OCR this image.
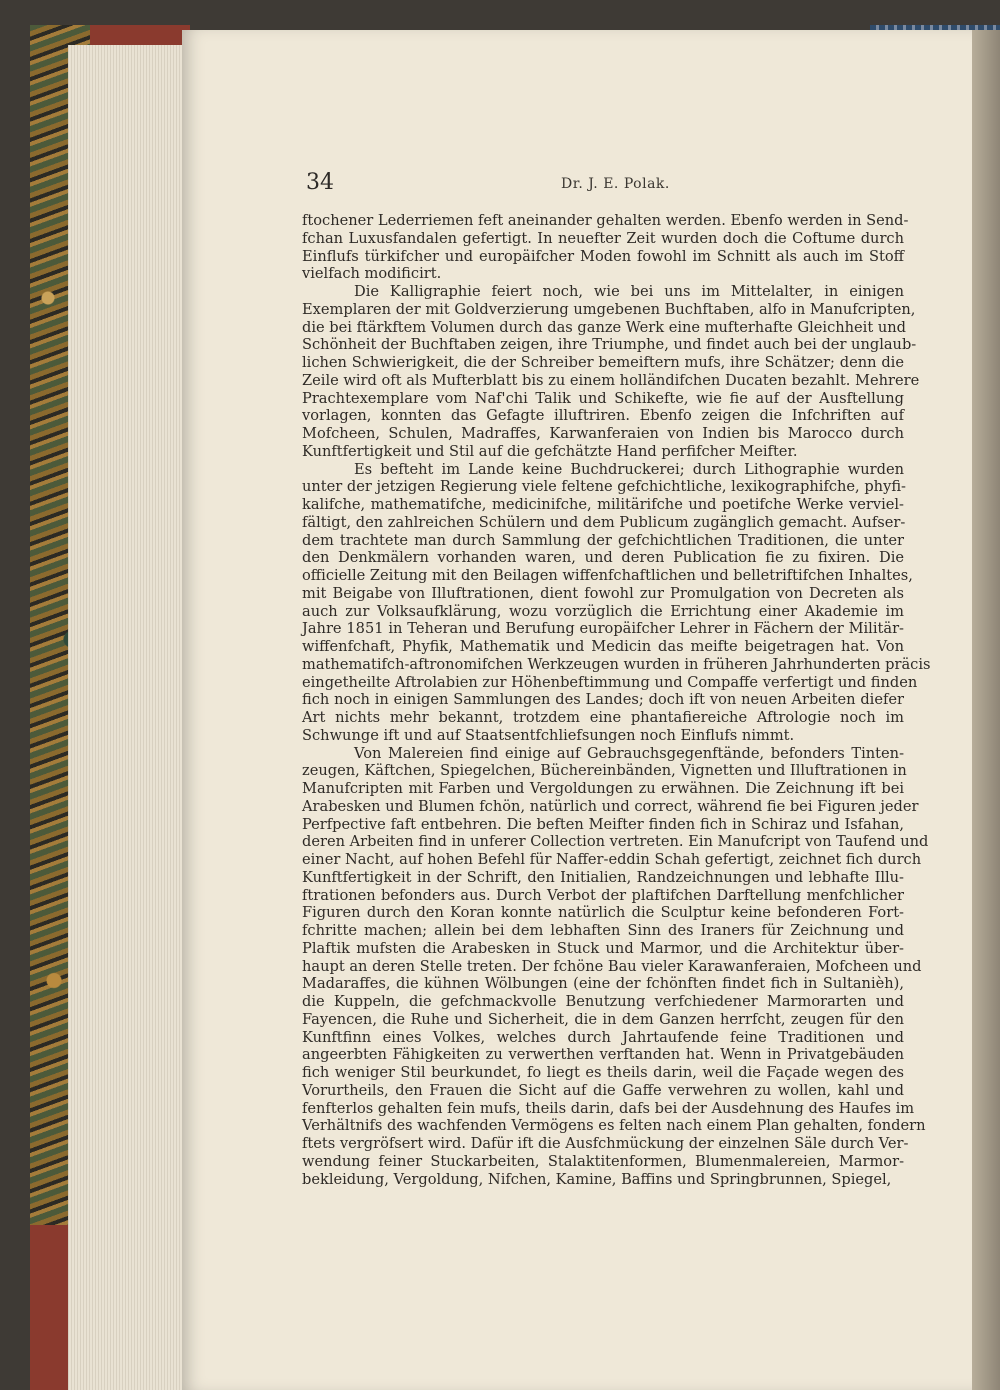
34	Dr. J. E. Polak.
ftochener Lederriemen feft aneinander gehalten werden. Ebenfo werden in Send-
fchan Luxusfandalen gefertigt. In neuefter Zeit wurden doch die Coftume durch
Einflufs türkifcher und europäifcher Moden fowohl im Schnitt als auch im Stoff
vielfach modificirt.
Die Kalligraphie feiert noch, wie bei uns im Mittelalter, in einigen
Exemplaren der mit Goldverzierung umgebenen Buchftaben, alfo in Manufcripten,
die bei ftärkftem Volumen durch das ganze Werk eine mufterhafte Gleichheit und
Schönheit der Buchftaben zeigen, ihre Triumphe, und findet auch bei der unglaub-
lichen Schwierigkeit, die der Schreiber bemeiftern mufs, ihre Schätzer; denn die
Zeile wird oft als Mufterblatt bis zu einem holländifchen Ducaten bezahlt. Mehrere
Prachtexemplare vom Naf'chi Talik und Schikefte, wie fie auf der Ausftellung
vorlagen, konnten das Gefagte illuftriren. Ebenfo zeigen die Infchriften auf
Mofcheen, Schulen, Madraffes, Karwanferaien von Indien bis Marocco durch
Kunftfertigkeit und Stil auf die gefchätzte Hand perfifcher Meifter.
Es befteht im Lande keine Buchdruckerei; durch Lithographie wurden
unter der jetzigen Regierung viele feltene gefchichtliche, lexikographifche, phyfi-
kalifche, mathematifche, medicinifche, militärifche und poetifche Werke verviel-
fältigt, den zahlreichen Schülern und dem Publicum zugänglich gemacht. Aufser-
dem trachtete man durch Sammlung der gefchichtlichen Traditionen, die unter
den Denkmälern vorhanden waren, und deren Publication fie zu fixiren. Die
officielle Zeitung mit den Beilagen wiffenfchaftlichen und belletriftifchen Inhaltes,
mit Beigabe von Illuftrationen, dient fowohl zur Promulgation von Decreten als
auch zur Volksaufklärung, wozu vorzüglich die Errichtung einer Akademie im
Jahre 1851 in Teheran und Berufung europäifcher Lehrer in Fächern der Militär-
wiffenfchaft, Phyfik, Mathematik und Medicin das meifte beigetragen hat. Von
mathematifch-aftronomifchen Werkzeugen wurden in früheren Jahrhunderten präcis
eingetheilte Aftrolabien zur Höhenbeftimmung und Compaffe verfertigt und finden
fich noch in einigen Sammlungen des Landes; doch ift von neuen Arbeiten diefer
Art nichts mehr bekannt, trotzdem eine phantafiereiche Aftrologie noch im
Schwunge ift und auf Staatsentfchliefsungen noch Einflufs nimmt.
Von Malereien find einige auf Gebrauchsgegenftände, befonders Tinten-
zeugen, Käftchen, Spiegelchen, Büchereinbänden, Vignetten und Illuftrationen in
Manufcripten mit Farben und Vergoldungen zu erwähnen. Die Zeichnung ift bei
Arabesken und Blumen fchön, natürlich und correct, während fie bei Figuren jeder
Perfpective faft entbehren. Die beften Meifter finden fich in Schiraz und Isfahan,
deren Arbeiten find in unferer Collection vertreten. Ein Manufcript von Taufend und
einer Nacht, auf hohen Befehl für Naffer-eddin Schah gefertigt, zeichnet fich durch
Kunftfertigkeit in der Schrift, den Initialien, Randzeichnungen und lebhafte Illu-
ftrationen befonders aus. Durch Verbot der plaftifchen Darftellung menfchlicher
Figuren durch den Koran konnte natürlich die Sculptur keine befonderen Fort-
fchritte machen; allein bei dem lebhaften Sinn des Iraners für Zeichnung und
Plaftik mufsten die Arabesken in Stuck und Marmor, und die Architektur über-
haupt an deren Stelle treten. Der fchöne Bau vieler Karawanferaien, Mofcheen und
Madaraffes, die kühnen Wölbungen (eine der fchönften findet fich in Sultanièh),
die Kuppeln, die gefchmackvolle Benutzung verfchiedener Marmorarten und
Fayencen, die Ruhe und Sicherheit, die in dem Ganzen herrfcht, zeugen für den
Kunftfinn eines Volkes, welches durch Jahrtaufende feine Traditionen und
angeerbten Fähigkeiten zu verwerthen verftanden hat. Wenn in Privatgebäuden
fich weniger Stil beurkundet, fo liegt es theils darin, weil die Façade wegen des
Vorurtheils, den Frauen die Sicht auf die Gaffe verwehren zu wollen, kahl und
fenfterlos gehalten fein mufs, theils darin, dafs bei der Ausdehnung des Haufes im
Verhältnifs des wachfenden Vermögens es felten nach einem Plan gehalten, fondern
ftets vergröfsert wird. Dafür ift die Ausfchmückung der einzelnen Säle durch Ver-
wendung feiner Stuckarbeiten, Stalaktitenformen, Blumenmalereien, Marmor-
bekleidung, Vergoldung, Nifchen, Kamine, Baffins und Springbrunnen, Spiegel,
